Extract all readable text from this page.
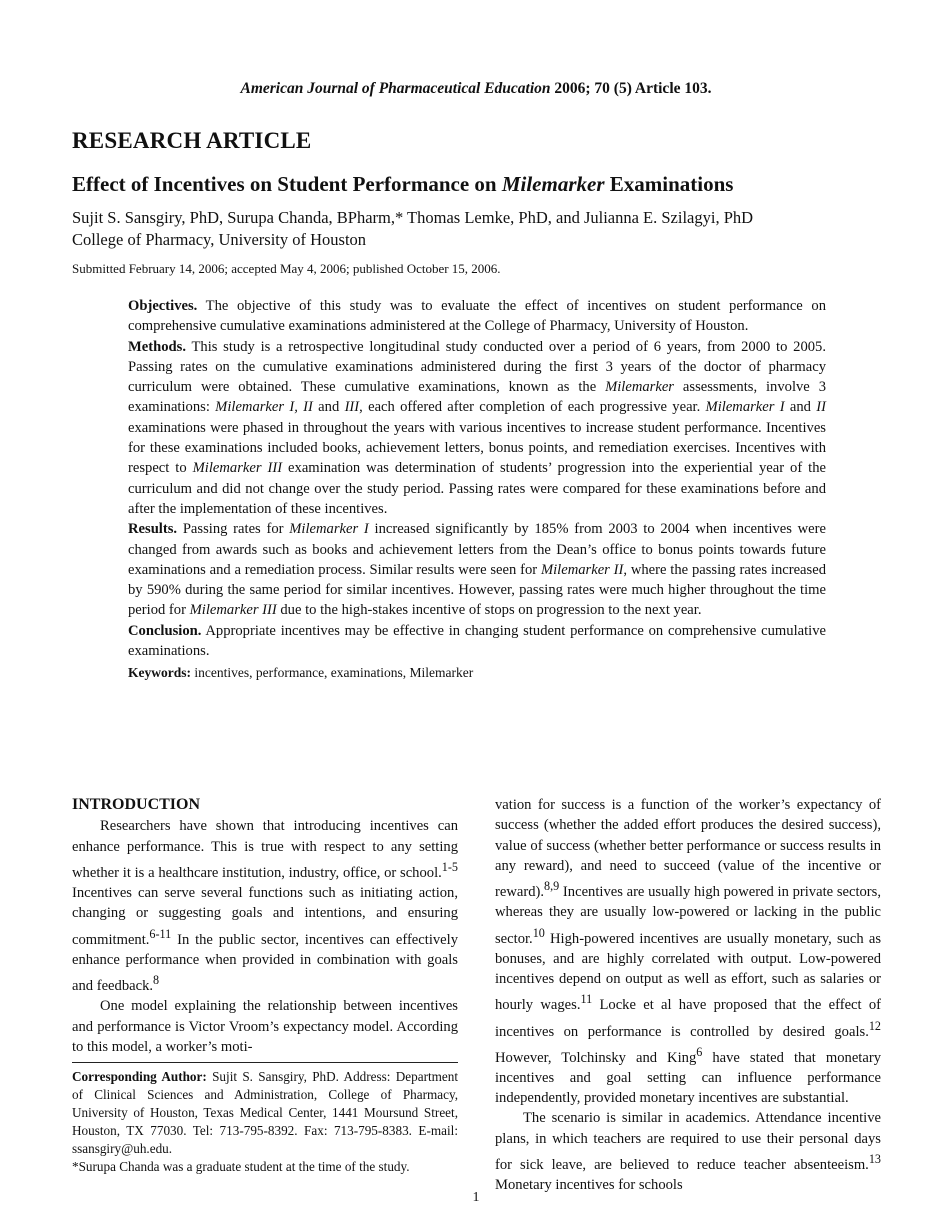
American Journal of Pharmaceutical Education 2006; 70 (5) Article 103.
RESEARCH ARTICLE
Effect of Incentives on Student Performance on Milemarker Examinations
Sujit S. Sansgiry, PhD, Surupa Chanda, BPharm,* Thomas Lemke, PhD, and Julianna E. Szilagyi, PhD
College of Pharmacy, University of Houston
Submitted February 14, 2006; accepted May 4, 2006; published October 15, 2006.

Objectives. The objective of this study was to evaluate the effect of incentives on student performance on comprehensive cumulative examinations administered at the College of Pharmacy, University of Houston.

Methods. This study is a retrospective longitudinal study conducted over a period of 6 years, from 2000 to 2005. Passing rates on the cumulative examinations administered during the first 3 years of the doctor of pharmacy curriculum were obtained. These cumulative examinations, known as the Milemarker assessments, involve 3 examinations: Milemarker I, II and III, each offered after completion of each progressive year. Milemarker I and II examinations were phased in throughout the years with various incentives to increase student performance. Incentives for these examinations included books, achievement letters, bonus points, and remediation exercises. Incentives with respect to Milemarker III examination was determination of students’ progression into the experiential year of the curriculum and did not change over the study period. Passing rates were compared for these examinations before and after the implementation of these incentives.

Results. Passing rates for Milemarker I increased significantly by 185% from 2003 to 2004 when incentives were changed from awards such as books and achievement letters from the Dean’s office to bonus points towards future examinations and a remediation process. Similar results were seen for Milemarker II, where the passing rates increased by 590% during the same period for similar incentives. However, passing rates were much higher throughout the time period for Milemarker III due to the high-stakes incentive of stops on progression to the next year.

Conclusion. Appropriate incentives may be effective in changing student performance on comprehensive cumulative examinations.

Keywords: incentives, performance, examinations, Milemarker

INTRODUCTION

Researchers have shown that introducing incentives can enhance performance. This is true with respect to any setting whether it is a healthcare institution, industry, office, or school.$^{1-5}$ Incentives can serve several functions such as initiating action, changing or suggesting goals and intentions, and ensuring commitment.$^{6-11}$ In the public sector, incentives can effectively enhance performance when provided in combination with goals and feedback.$^8$

One model explaining the relationship between incentives and performance is Victor Vroom’s expectancy model. According to this model, a worker’s moti-

vation for success is a function of the worker’s expectancy of success (whether the added effort produces the desired success), value of success (whether better performance or success results in any reward), and need to succeed (value of the incentive or reward).$^{8,9}$ Incentives are usually high powered in private sectors, whereas they are usually low-powered or lacking in the public sector.$^{10}$ High-powered incentives are usually monetary, such as bonuses, and are highly correlated with output. Low-powered incentives depend on output as well as effort, such as salaries or hourly wages.$^{11}$ Locke et al have proposed that the effect of incentives on performance is controlled by desired goals.$^{12}$ However, Tolchinsky and King$^6$ have stated that monetary incentives and goal setting can influence performance independently, provided monetary incentives are substantial.

The scenario is similar in academics. Attendance incentive plans, in which teachers are required to use their personal days for sick leave, are believed to reduce teacher absenteeism.$^{13}$ Monetary incentives for schools

Corresponding Author: Sujit S. Sansgiry, PhD. Address: Department of Clinical Sciences and Administration, College of Pharmacy, University of Houston, Texas Medical Center, 1441 Moursund Street, Houston, TX 77030. Tel: 713-795-8392. Fax: 713-795-8383. E-mail: ssansgiry@uh.edu.

*Surupa Chanda was a graduate student at the time of the study.

1
